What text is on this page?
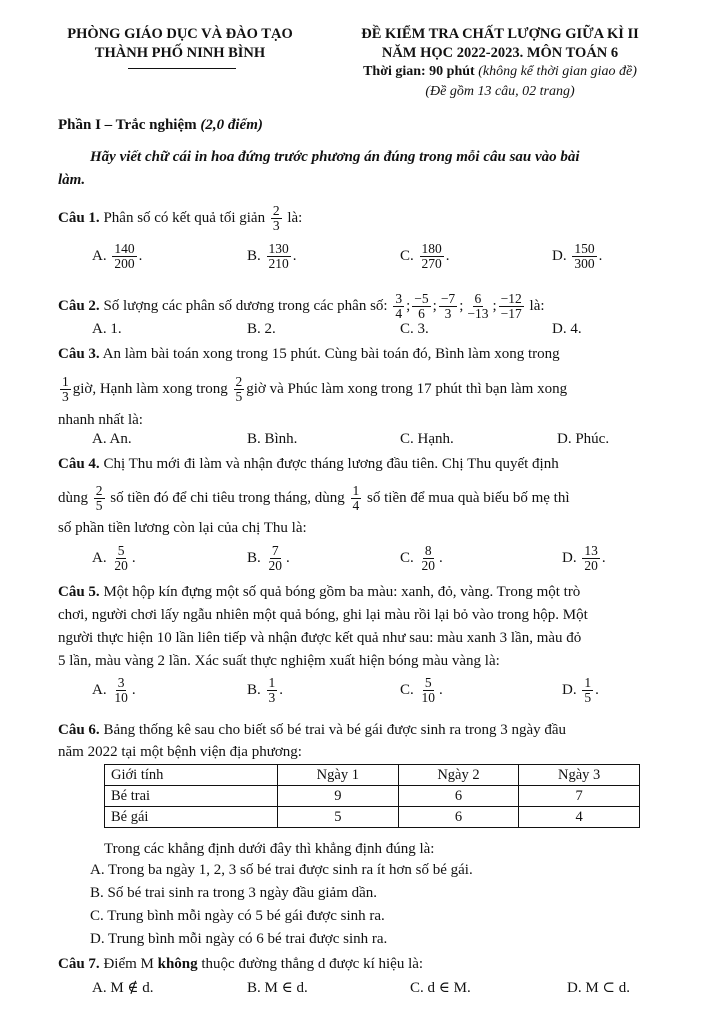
PHÒNG GIÁO DỤC VÀ ĐÀO TẠO
THÀNH PHỐ NINH BÌNH
ĐỀ KIỂM TRA CHẤT LƯỢNG GIỮA KÌ II
NĂM HỌC 2022-2023. MÔN TOÁN 6
Thời gian: 90 phút (không kể thời gian giao đề)
(Đề gồm 13 câu, 02 trang)
Phần I – Trắc nghiệm (2,0 điểm)
Hãy viết chữ cái in hoa đứng trước phương án đúng trong mỗi câu sau vào bài
làm.
Câu 1. Phân số có kết quả tối giản $\frac{2}{3}$ là:
A. $\frac{140}{200}$ .	B. $\frac{130}{210}$ .	C. $\frac{180}{270}$ .	D. $\frac{150}{300}$ .
Câu 2. Số lượng các phân số dương trong các phân số: $\frac{3}{4}$ ; $\frac{-5}{6}$ ; $\frac{-7}{3}$ ; $\frac{6}{-13}$ ; $\frac{-12}{-17}$ là:
A. 1.	B. 2.	C. 3.	D. 4.
Câu 3. An làm bài toán xong trong 15 phút. Cùng bài toán đó, Bình làm xong trong
$\frac{1}{3}$ giờ, Hạnh làm xong trong $\frac{2}{5}$ giờ và Phúc làm xong trong 17 phút thì bạn làm xong
nhanh nhất là:
A. An.	B. Bình.	C. Hạnh.	D. Phúc.
Câu 4. Chị Thu mới đi làm và nhận được tháng lương đầu tiên. Chị Thu quyết định
dùng $\frac{2}{5}$ số tiền đó để chi tiêu trong tháng, dùng $\frac{1}{4}$ số tiền để mua quà biếu bố mẹ thì
số phần tiền lương còn lại của chị Thu là:
A. $\frac{5}{20}$ .	B. $\frac{7}{20}$ .	C. $\frac{8}{20}$ .	D. $\frac{13}{20}$ .
Câu 5. Một hộp kín đựng một số quả bóng gồm ba màu: xanh, đỏ, vàng. Trong một trò
chơi, người chơi lấy ngẫu nhiên một quả bóng, ghi lại màu rồi lại bỏ vào trong hộp. Một
người thực hiện 10 lần liên tiếp và nhận được kết quả như sau: màu xanh 3 lần, màu đỏ
5 lần, màu vàng 2 lần. Xác suất thực nghiệm xuất hiện bóng màu vàng là:
A. $\frac{3}{10}$ .	B. $\frac{1}{3}$ .	C. $\frac{5}{10}$ .	D. $\frac{1}{5}$ .
Câu 6. Bảng thống kê sau cho biết số bé trai và bé gái được sinh ra trong 3 ngày đầu
năm 2022 tại một bệnh viện địa phương:
Giới tính	Ngày 1	Ngày 2	Ngày 3
Bé trai	9	6	7
Bé gái	5	6	4
Trong các khẳng định dưới đây thì khẳng định đúng là:
A. Trong ba ngày 1, 2, 3 số bé trai được sinh ra ít hơn số bé gái.
B. Số bé trai sinh ra trong 3 ngày đầu giảm dần.
C. Trung bình mỗi ngày có 5 bé gái được sinh ra.
D. Trung bình mỗi ngày có 6 bé trai được sinh ra.
Câu 7. Điểm M không thuộc đường thẳng d được kí hiệu là:
A. M ∉ d.	B. M ∈ d.	C. d ∈ M.	D. M ⊂ d.
